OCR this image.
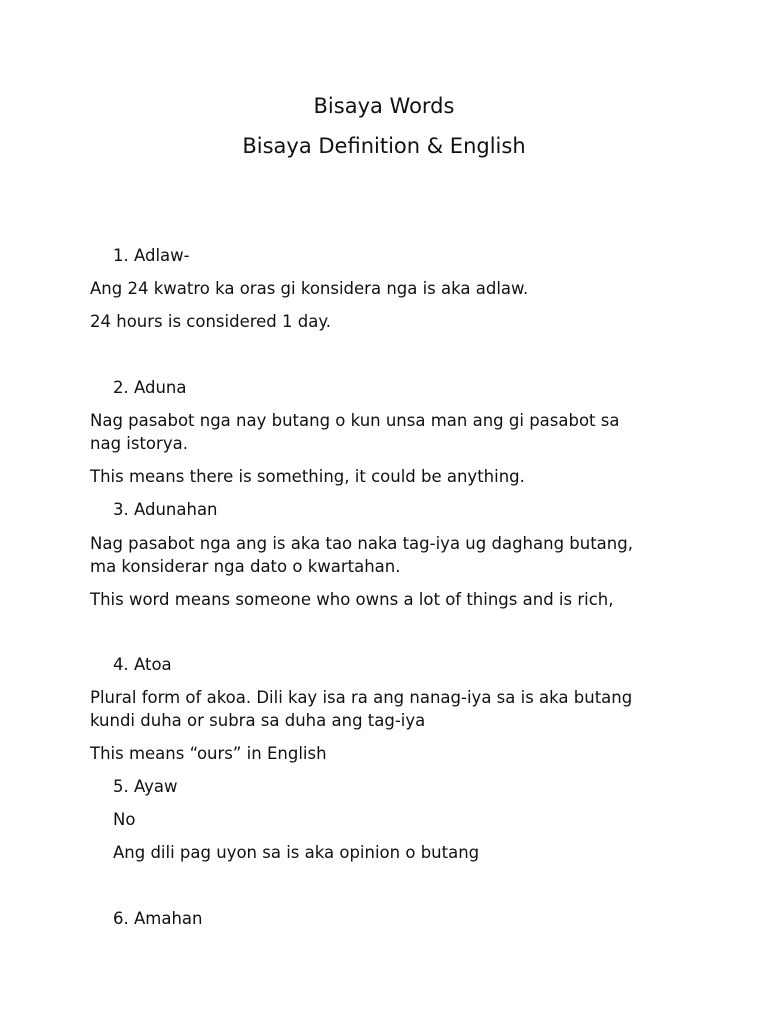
Bisaya Words
Bisaya Definition & English
1. Adlaw-
Ang 24 kwatro ka oras gi konsidera nga is aka adlaw.
24 hours is considered 1 day.
2. Aduna
Nag pasabot nga nay butang o kun unsa man ang gi pasabot sa
nag istorya.
This means there is something, it could be anything.
3. Adunahan
Nag pasabot nga ang is aka tao naka tag-iya ug daghang butang,
ma konsiderar nga dato o kwartahan.
This word means someone who owns a lot of things and is rich,
4. Atoa
Plural form of akoa. Dili kay isa ra ang nanag-iya sa is aka butang
kundi duha or subra sa duha ang tag-iya
This means “ours” in English
5. Ayaw
No
Ang dili pag uyon sa is aka opinion o butang
6. Amahan
